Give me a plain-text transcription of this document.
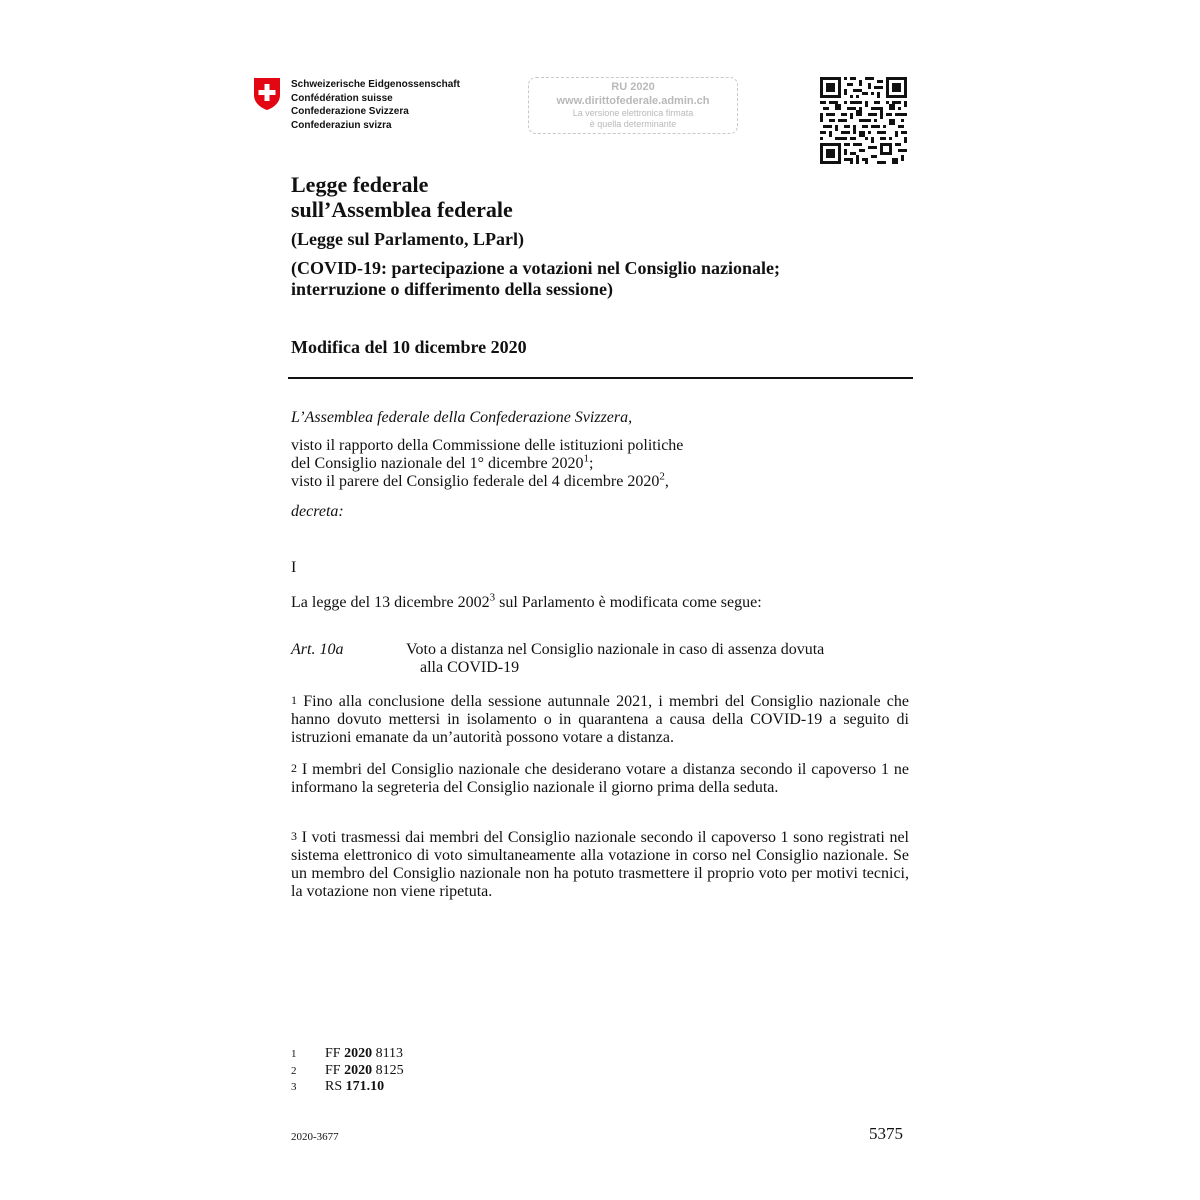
Schweizerische Eidgenossenschaft
Confédération suisse
Confederazione Svizzera
Confederaziun svizra
RU 2020
www.dirittofederale.admin.ch
La versione elettronica firmata
è quella determinante
Legge federale
sull’Assemblea federale
(Legge sul Parlamento, LParl)
(COVID-19: partecipazione a votazioni nel Consiglio nazionale;
interruzione o differimento della sessione)
Modifica del 10 dicembre 2020
L’Assemblea federale della Confederazione Svizzera,
visto il rapporto della Commissione delle istituzioni politiche
del Consiglio nazionale del 1° dicembre 2020$^1$;
visto il parere del Consiglio federale del 4 dicembre 2020$^2$,
decreta:
I
La legge del 13 dicembre 2002$^3$ sul Parlamento è modificata come segue:
Art. 10a	Voto a distanza nel Consiglio nazionale in caso di assenza dovuta
alla COVID-19
1 Fino alla conclusione della sessione autunnale 2021, i membri del Consiglio nazionale che hanno dovuto mettersi in isolamento o in quarantena a causa della COVID-19 a seguito di istruzioni emanate da un’autorità possono votare a distanza.
2 I membri del Consiglio nazionale che desiderano votare a distanza secondo il capoverso 1 ne informano la segreteria del Consiglio nazionale il giorno prima della seduta.
3 I voti trasmessi dai membri del Consiglio nazionale secondo il capoverso 1 sono registrati nel sistema elettronico di voto simultaneamente alla votazione in corso nel Consiglio nazionale. Se un membro del Consiglio nazionale non ha potuto trasmettere il proprio voto per motivi tecnici, la votazione non viene ripetuta.
1	FF 2020 8113
2	FF 2020 8125
3	RS 171.10
2020-3677	5375
